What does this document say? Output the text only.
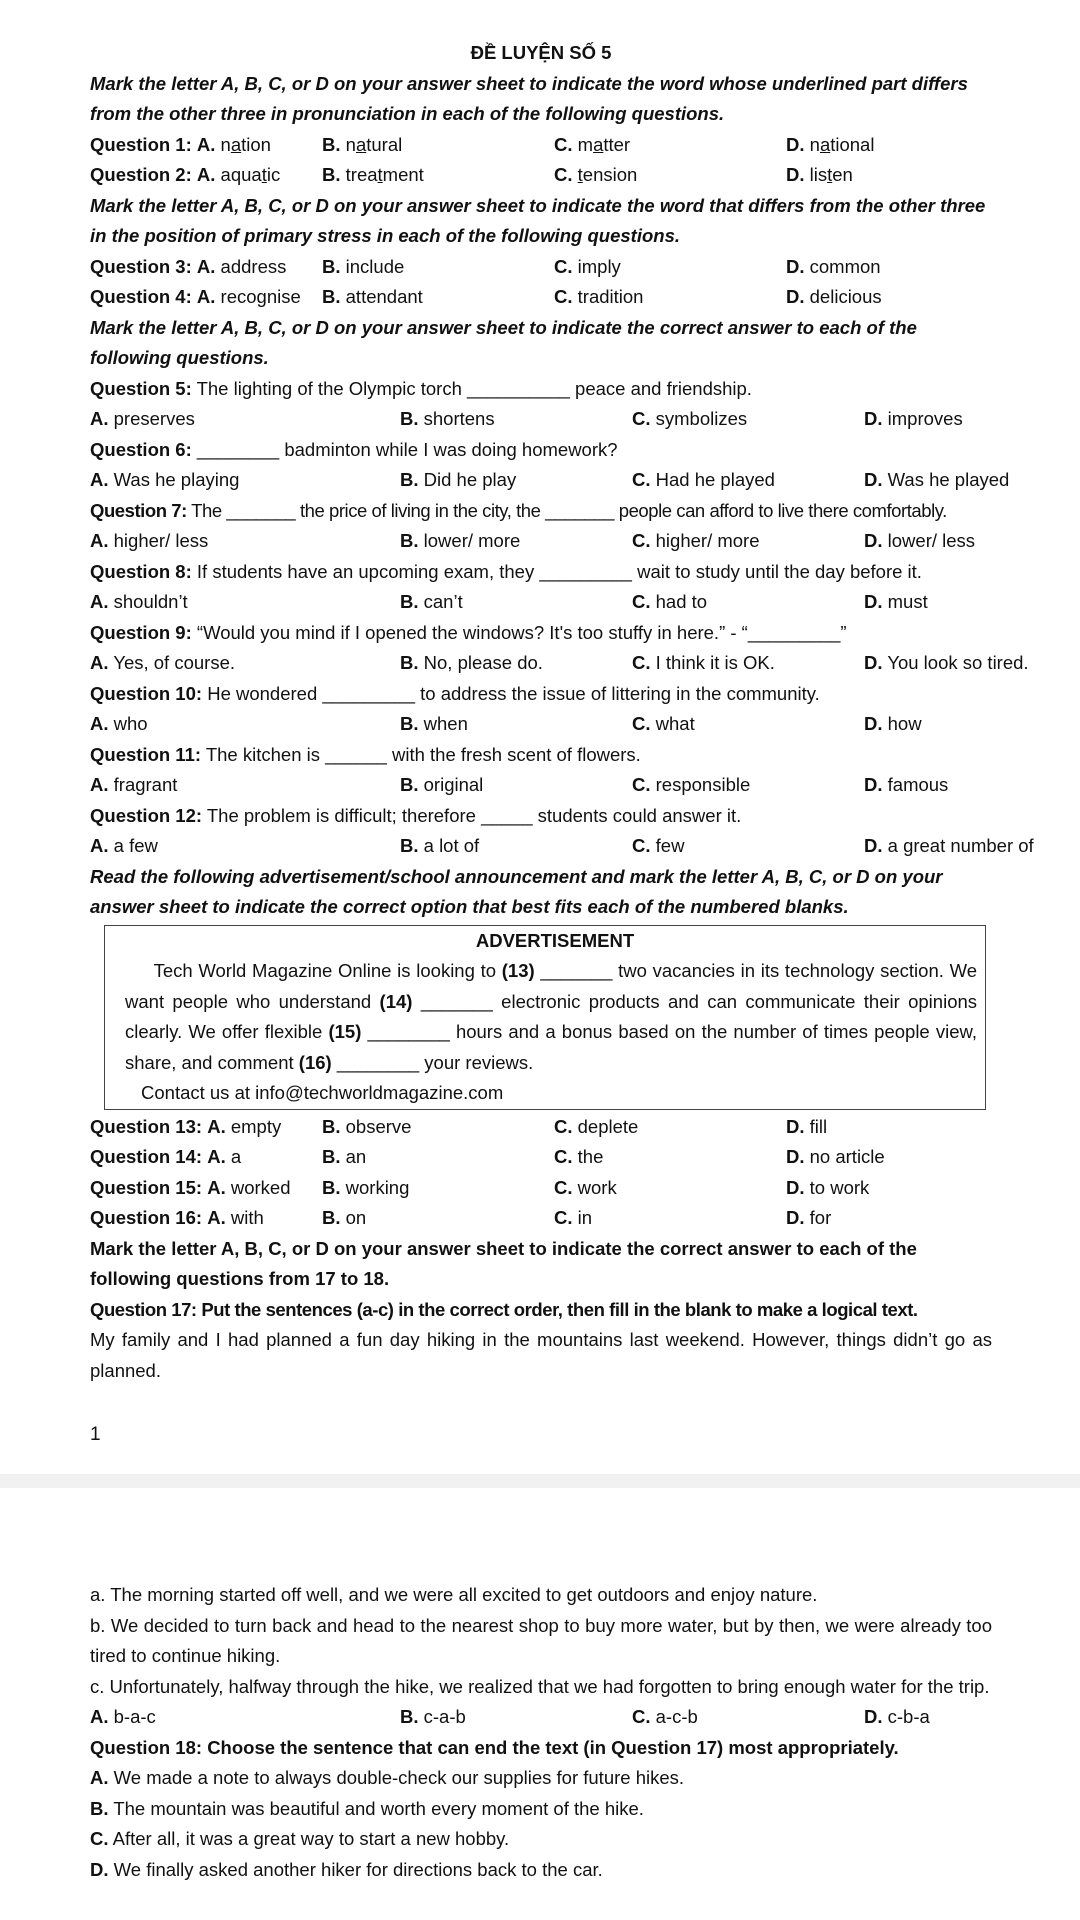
ĐỀ LUYỆN SỐ 5
Mark the letter A, B, C, or D on your answer sheet to indicate the word whose underlined part differs from the other three in pronunciation in each of the following questions.
Question 1: A. nation	B. natural	C. matter	D. national
Question 2: A. aquatic	B. treatment	C. tension	D. listen
Mark the letter A, B, C, or D on your answer sheet to indicate the word that differs from the other three in the position of primary stress in each of the following questions.
Question 3: A. address	B. include	C. imply	D. common
Question 4: A. recognise	B. attendant	C. tradition	D. delicious
Mark the letter A, B, C, or D on your answer sheet to indicate the correct answer to each of the following questions.
Question 5: The lighting of the Olympic torch __________ peace and friendship.
A. preserves	B. shortens	C. symbolizes	D. improves
Question 6: ________ badminton while I was doing homework?
A. Was he playing	B. Did he play	C. Had he played	D. Was he played
Question 7: The _______ the price of living in the city, the _______ people can afford to live there comfortably.
A. higher/ less	B. lower/ more	C. higher/ more	D. lower/ less
Question 8: If students have an upcoming exam, they _________ wait to study until the day before it.
A. shouldn’t	B. can’t	C. had to	D. must
Question 9: “Would you mind if I opened the windows? It's too stuffy in here.” - “_________”
A. Yes, of course.	B. No, please do.	C. I think it is OK.	D. You look so tired.
Question 10: He wondered _________ to address the issue of littering in the community.
A. who	B. when	C. what	D. how
Question 11: The kitchen is ______ with the fresh scent of flowers.
A. fragrant	B. original	C. responsible	D. famous
Question 12: The problem is difficult; therefore _____ students could answer it.
A. a few	B. a lot of	C. few	D. a great number of
Read the following advertisement/school announcement and mark the letter A, B, C, or D on your answer sheet to indicate the correct option that best fits each of the numbered blanks.
ADVERTISEMENT
Tech World Magazine Online is looking to (13) _______ two vacancies in its technology section. We want people who understand (14) _______ electronic products and can communicate their opinions clearly. We offer flexible (15) ________ hours and a bonus based on the number of times people view, share, and comment (16) ________ your reviews.
Contact us at info@techworldmagazine.com
Question 13: A. empty	B. observe	C. deplete	D. fill
Question 14: A. a	B. an	C. the	D. no article
Question 15: A. worked	B. working	C. work	D. to work
Question 16: A. with	B. on	C. in	D. for
Mark the letter A, B, C, or D on your answer sheet to indicate the correct answer to each of the following questions from 17 to 18.
Question 17: Put the sentences (a-c) in the correct order, then fill in the blank to make a logical text.
My family and I had planned a fun day hiking in the mountains last weekend. However, things didn’t go as planned.
1
a. The morning started off well, and we were all excited to get outdoors and enjoy nature.
b. We decided to turn back and head to the nearest shop to buy more water, but by then, we were already too tired to continue hiking.
c. Unfortunately, halfway through the hike, we realized that we had forgotten to bring enough water for the trip.
A. b-a-c	B. c-a-b	C. a-c-b	D. c-b-a
Question 18: Choose the sentence that can end the text (in Question 17) most appropriately.
A. We made a note to always double-check our supplies for future hikes.
B. The mountain was beautiful and worth every moment of the hike.
C. After all, it was a great way to start a new hobby.
D. We finally asked another hiker for directions back to the car.
